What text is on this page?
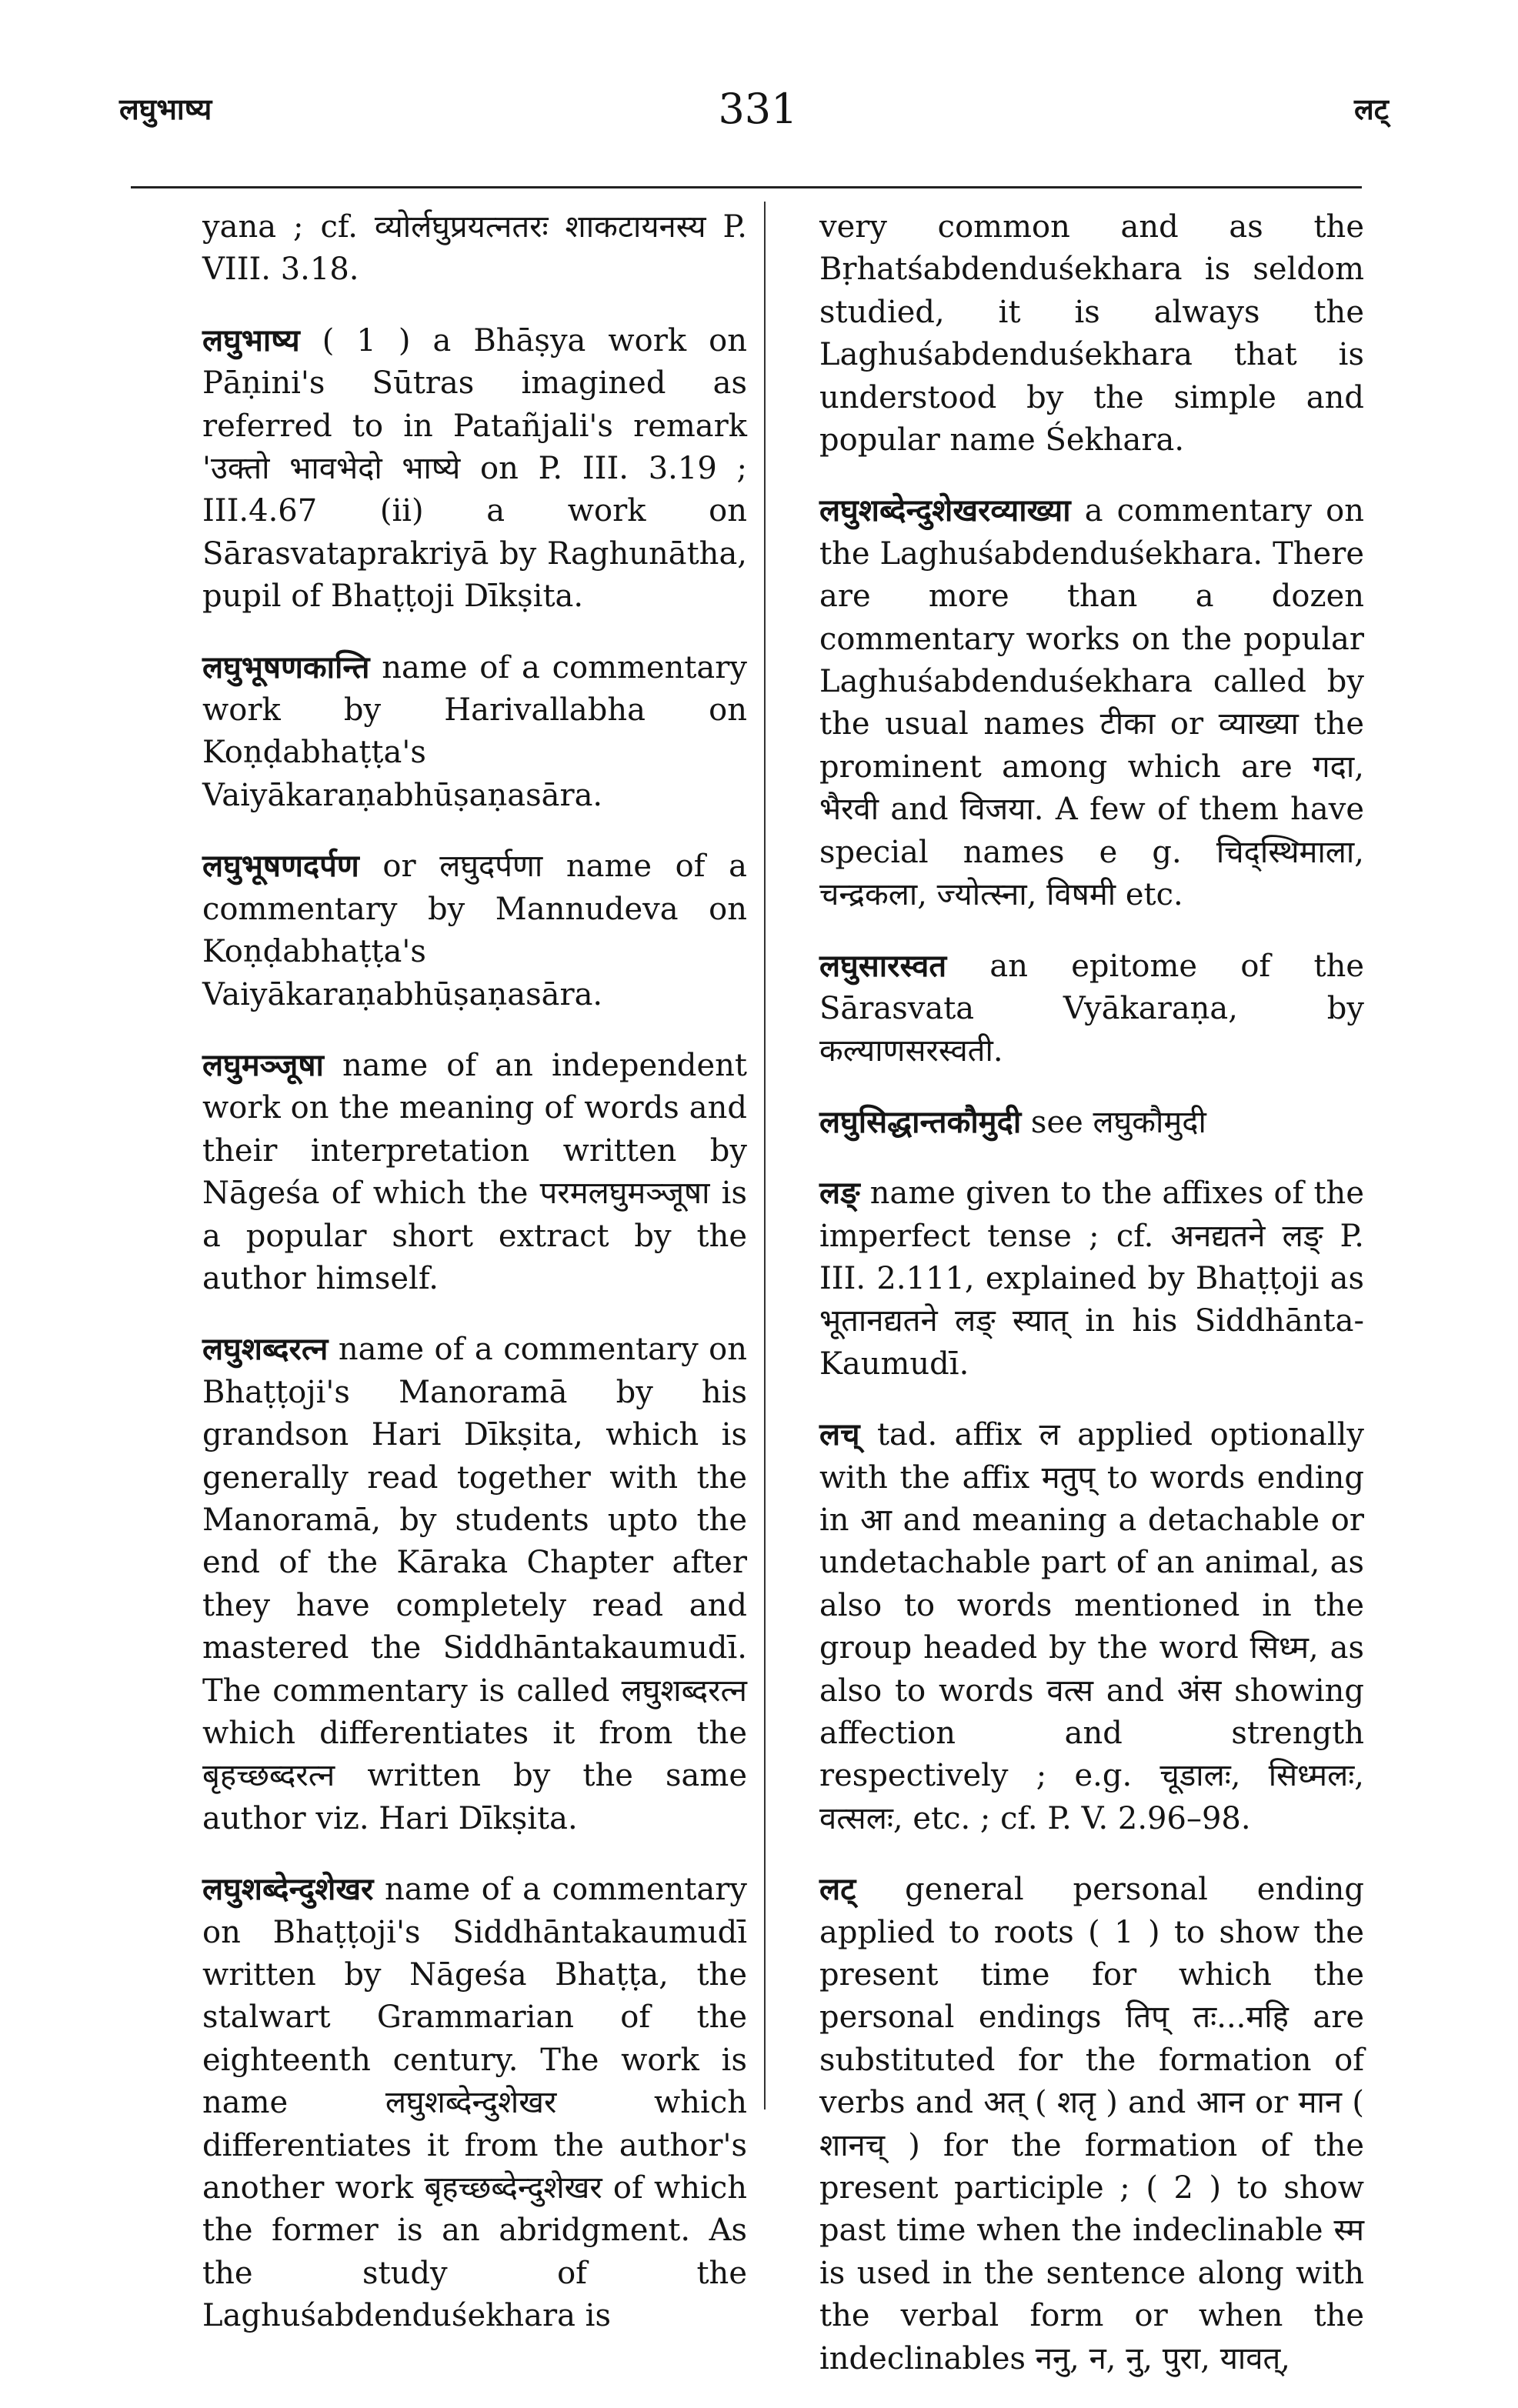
लघुभाष्य	331	लट्

yana ; cf. व्योर्लघुप्रयत्नतरः शाकटायनस्य P. VIII. 3.18.

लघुभाष्य ( 1 ) a Bhāṣya work on Pāṇini's Sūtras imagined as referred to in Patañjali's remark 'उक्तो भावभेदो भाष्ये on P. III. 3.19 ; III.4.67 (ii) a work on Sārasvataprakriyā by Raghunātha, pupil of Bhaṭṭoji Dīkṣita.

लघुभूषणकान्ति name of a commentary work by Harivallabha on Koṇḍabhaṭṭa's Vaiyākaraṇabhūṣaṇasāra.

लघुभूषणदर्पण or लघुदर्पणा name of a commentary by Mannudeva on Koṇḍabhaṭṭa's Vaiyākaraṇabhūṣaṇasāra.

लघुमञ्जूषा name of an independent work on the meaning of words and their interpretation written by Nāgeśa of which the परमलघुमञ्जूषा is a popular short extract by the author himself.

लघुशब्दरत्न name of a commentary on Bhaṭṭoji's Manoramā by his grandson Hari Dīkṣita, which is generally read together with the Manoramā, by students upto the end of the Kāraka Chapter after they have completely read and mastered the Siddhāntakaumudī. The commentary is called लघुशब्दरत्न which differentiates it from the बृहच्छब्दरत्न written by the same author viz. Hari Dīkṣita.

लघुशब्देन्दुशेखर name of a commentary on Bhaṭṭoji's Siddhāntakaumudī written by Nāgeśa Bhaṭṭa, the stalwart Grammarian of the eighteenth century. The work is name लघुशब्देन्दुशेखर which differentiates it from the author's another work बृहच्छब्देन्दुशेखर of which the former is an abridgment. As the study of the Laghuśabdenduśekhara is

very common and as the Bṛhatśabdenduśekhara is seldom studied, it is always the Laghuśabdenduśekhara that is understood by the simple and popular name Śekhara.

लघुशब्देन्दुशेखरव्याख्या a commentary on the Laghuśabdenduśekhara. There are more than a dozen commentary works on the popular Laghuśabdenduśekhara called by the usual names टीका or व्याख्या the prominent among which are गदा, भैरवी and विजया. A few of them have special names e g. चिद्‌स्थिमाला, चन्द्रकला, ज्योत्स्ना, विषमी etc.

लघुसारस्वत an epitome of the Sārasvata Vyākaraṇa, by कल्याणसरस्वती.

लघुसिद्धान्तकौमुदी see लघुकौमुदी

लङ् name given to the affixes of the imperfect tense ; cf. अनद्यतने लङ् P. III. 2.111, explained by Bhaṭṭoji as भूतानद्यतने लङ् स्यात् in his Siddhānta-Kaumudī.

लच् tad. affix ल applied optionally with the affix मतुप् to words ending in आ and meaning a detachable or undetachable part of an animal, as also to words mentioned in the group headed by the word सिध्म, as also to words वत्स and अंस showing affection and strength respectively ; e.g. चूडालः, सिध्मलः, वत्सलः, etc. ; cf. P. V. 2.96–98.

लट् general personal ending applied to roots ( 1 ) to show the present time for which the personal endings तिप् तः...महि are substituted for the formation of verbs and अत् ( शतृ ) and आन or मान ( शानच् ) for the formation of the present participle ; ( 2 ) to show past time when the indeclinable स्म is used in the sentence along with the verbal form or when the indeclinables ननु, न, नु, पुरा, यावत्,
